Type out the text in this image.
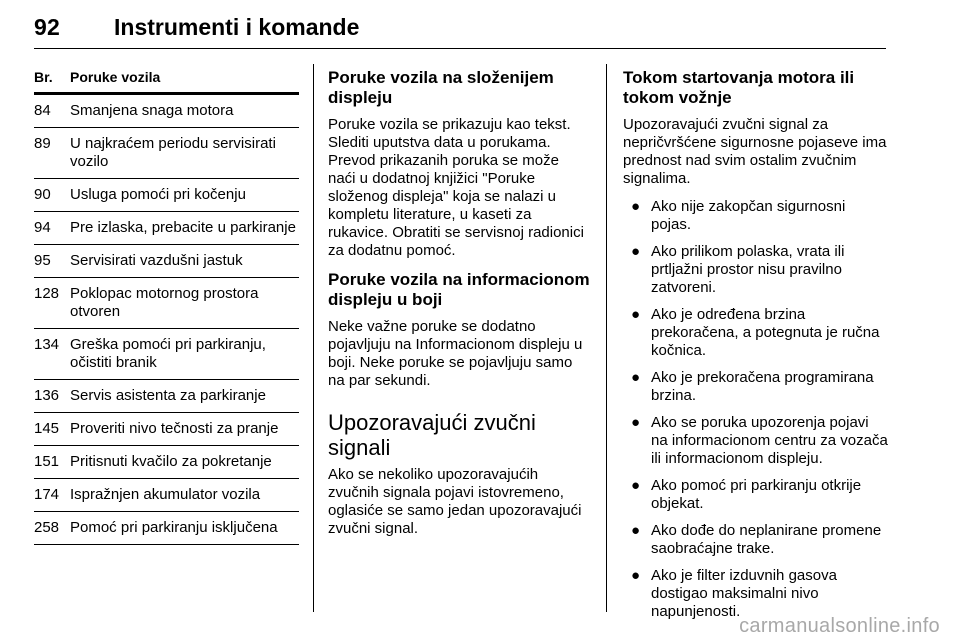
92 Instrumenti i komande
Br. Poruke vozila
84	Smanjena snaga motora
89	U najkraćem periodu servisirati vozilo
90	Usluga pomoći pri kočenju
94	Pre izlaska, prebacite u parkiranje
95	Servisirati vazdušni jastuk
128 Poklopac motornog prostora otvoren
134 Greška pomoći pri parkiranju, očistiti branik
136 Servis asistenta za parkiranje
145 Proveriti nivo tečnosti za pranje
151 Pritisnuti kvačilo za pokretanje
174 Ispražnjen akumulator vozila
258 Pomoć pri parkiranju isključena
Poruke vozila na složenijem displeju

Poruke vozila se prikazuju kao tekst. Slediti uputstva data u porukama. Prevod prikazanih poruka se može naći u dodatnoj knjižici "Poruke složenog displeja" koja se nalazi u kompletu literature, u kaseti za rukavice. Obratiti se servisnoj radionici za dodatnu pomoć.

Poruke vozila na informacionom displeju u boji

Neke važne poruke se dodatno pojavljuju na Informacionom displeju u boji. Neke poruke se pojavljuju samo na par sekundi.

Upozoravajući zvučni signali

Ako se nekoliko upozoravajućih zvučnih signala pojavi istovremeno, oglasiće se samo jedan upozoravajući zvučni signal.

Tokom startovanja motora ili tokom vožnje

Upozoravajući zvučni signal za nepričvršćene sigurnosne pojaseve ima prednost nad svim ostalim zvučnim signalima.

● Ako nije zakopčan sigurnosni pojas.
● Ako prilikom polaska, vrata ili prtljažni prostor nisu pravilno zatvoreni.
● Ako je određena brzina prekoračena, a potegnuta je ručna kočnica.
● Ako je prekoračena programirana brzina.
● Ako se poruka upozorenja pojavi na informacionom centru za vozača ili informacionom displeju.
● Ako pomoć pri parkiranju otkrije objekat.
● Ako dođe do neplanirane promene saobraćajne trake.
● Ako je filter izduvnih gasova dostigao maksimalni nivo napunjenosti.
carmanualsonline.info
